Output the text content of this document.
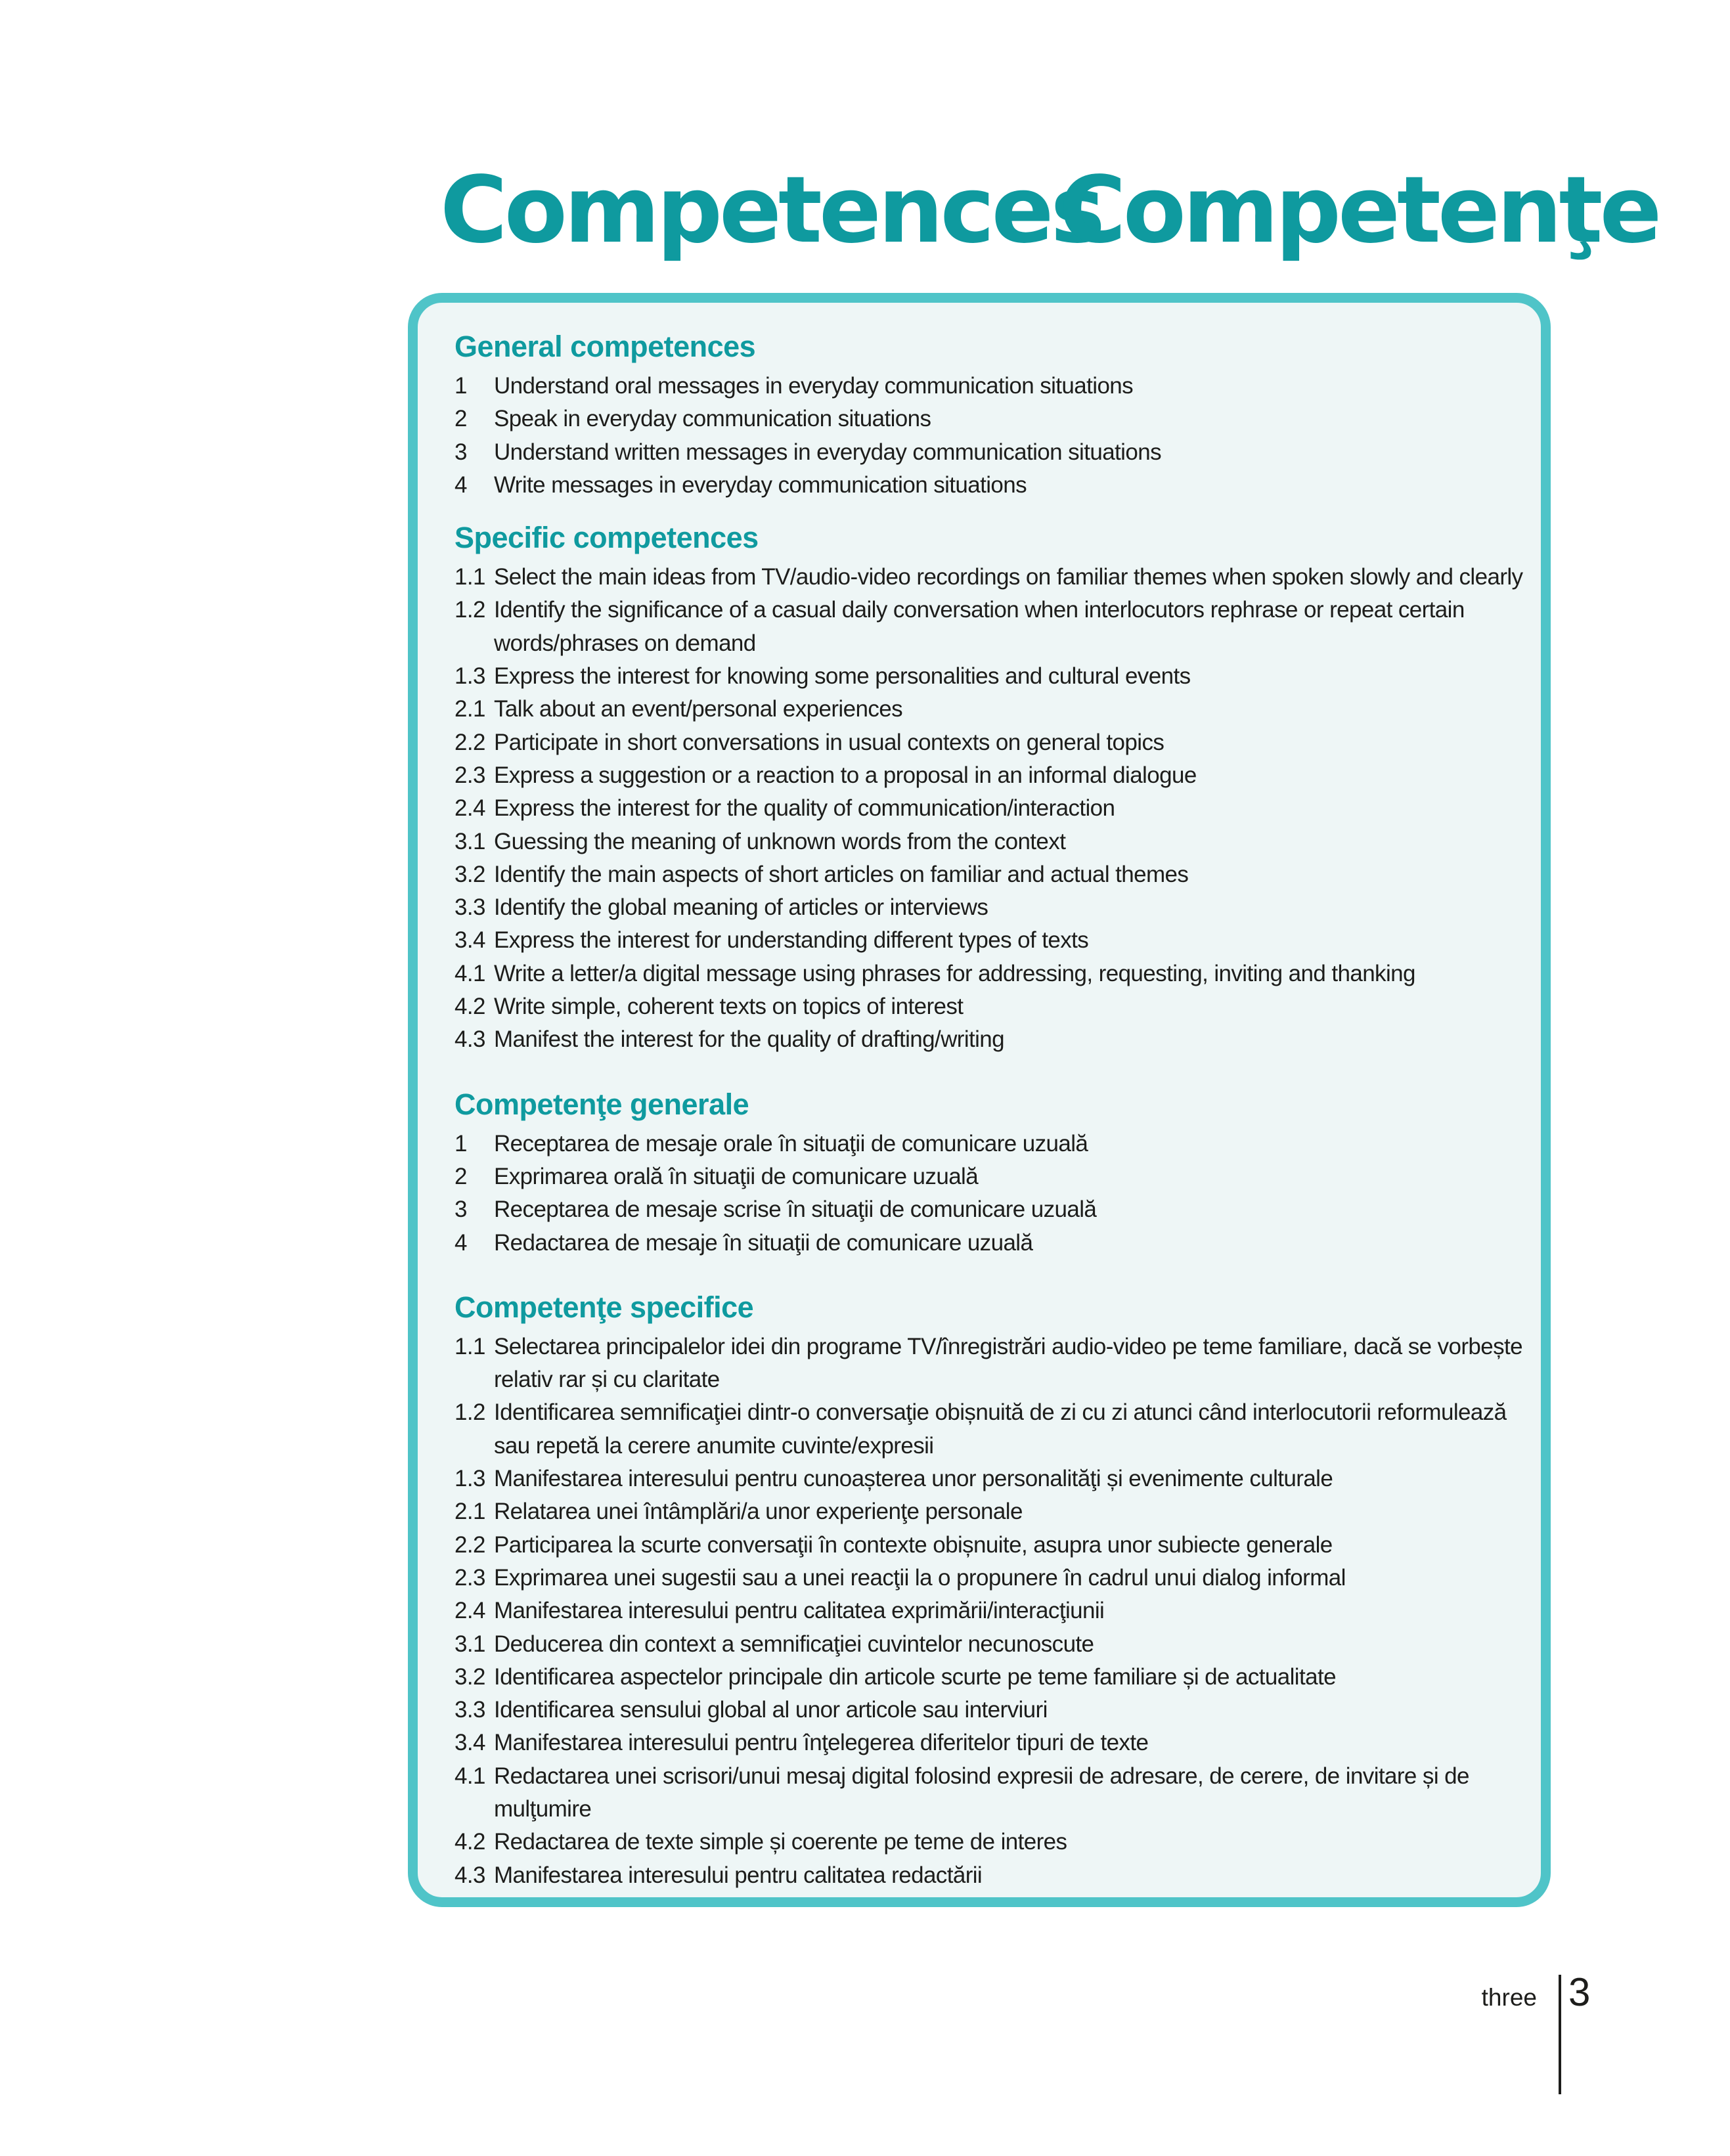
Competences
Competenţe
General competences
1	Understand oral messages in everyday communication situations
2	Speak in everyday communication situations
3	Understand written messages in everyday communication situations
4	Write messages in everyday communication situations
Specific competences
1.1 Select the main ideas from TV/audio-video recordings on familiar themes when spoken slowly and clearly
1.2 Identify the significance of a casual daily conversation when interlocutors rephrase or repeat certain words/phrases on demand
1.3 Express the interest for knowing some personalities and cultural events
2.1 Talk about an event/personal experiences
2.2 Participate in short conversations in usual contexts on general topics
2.3 Express a suggestion or a reaction to a proposal in an informal dialogue
2.4 Express the interest for the quality of communication/interaction
3.1 Guessing the meaning of unknown words from the context
3.2 Identify the main aspects of short articles on familiar and actual themes
3.3 Identify the global meaning of articles or interviews
3.4 Express the interest for understanding different types of texts
4.1 Write a letter/a digital message using phrases for addressing, requesting, inviting and thanking
4.2 Write simple, coherent texts on topics of interest
4.3 Manifest the interest for the quality of drafting/writing
Competenţe generale
1	Receptarea de mesaje orale în situaţii de comunicare uzuală
2	Exprimarea orală în situaţii de comunicare uzuală
3	Receptarea de mesaje scrise în situaţii de comunicare uzuală
4	Redactarea de mesaje în situaţii de comunicare uzuală
Competenţe specifice
1.1 Selectarea principalelor idei din programe TV/înregistrări audio-video pe teme familiare, dacă se vorbește relativ rar și cu claritate
1.2 Identificarea semnificaţiei dintr-o conversaţie obișnuită de zi cu zi atunci când interlocutorii reformulează sau repetă la cerere anumite cuvinte/expresii
1.3 Manifestarea interesului pentru cunoașterea unor personalităţi și evenimente culturale
2.1 Relatarea unei întâmplări/a unor experienţe personale
2.2 Participarea la scurte conversaţii în contexte obișnuite, asupra unor subiecte generale
2.3 Exprimarea unei sugestii sau a unei reacţii la o propunere în cadrul unui dialog informal
2.4 Manifestarea interesului pentru calitatea exprimării/interacţiunii
3.1 Deducerea din context a semnificaţiei cuvintelor necunoscute
3.2 Identificarea aspectelor principale din articole scurte pe teme familiare și de actualitate
3.3 Identificarea sensului global al unor articole sau interviuri
3.4 Manifestarea interesului pentru înţelegerea diferitelor tipuri de texte
4.1 Redactarea unei scrisori/unui mesaj digital folosind expresii de adresare, de cerere, de invitare și de mulţumire
4.2 Redactarea de texte simple și coerente pe teme de interes
4.3 Manifestarea interesului pentru calitatea redactării
three 3
